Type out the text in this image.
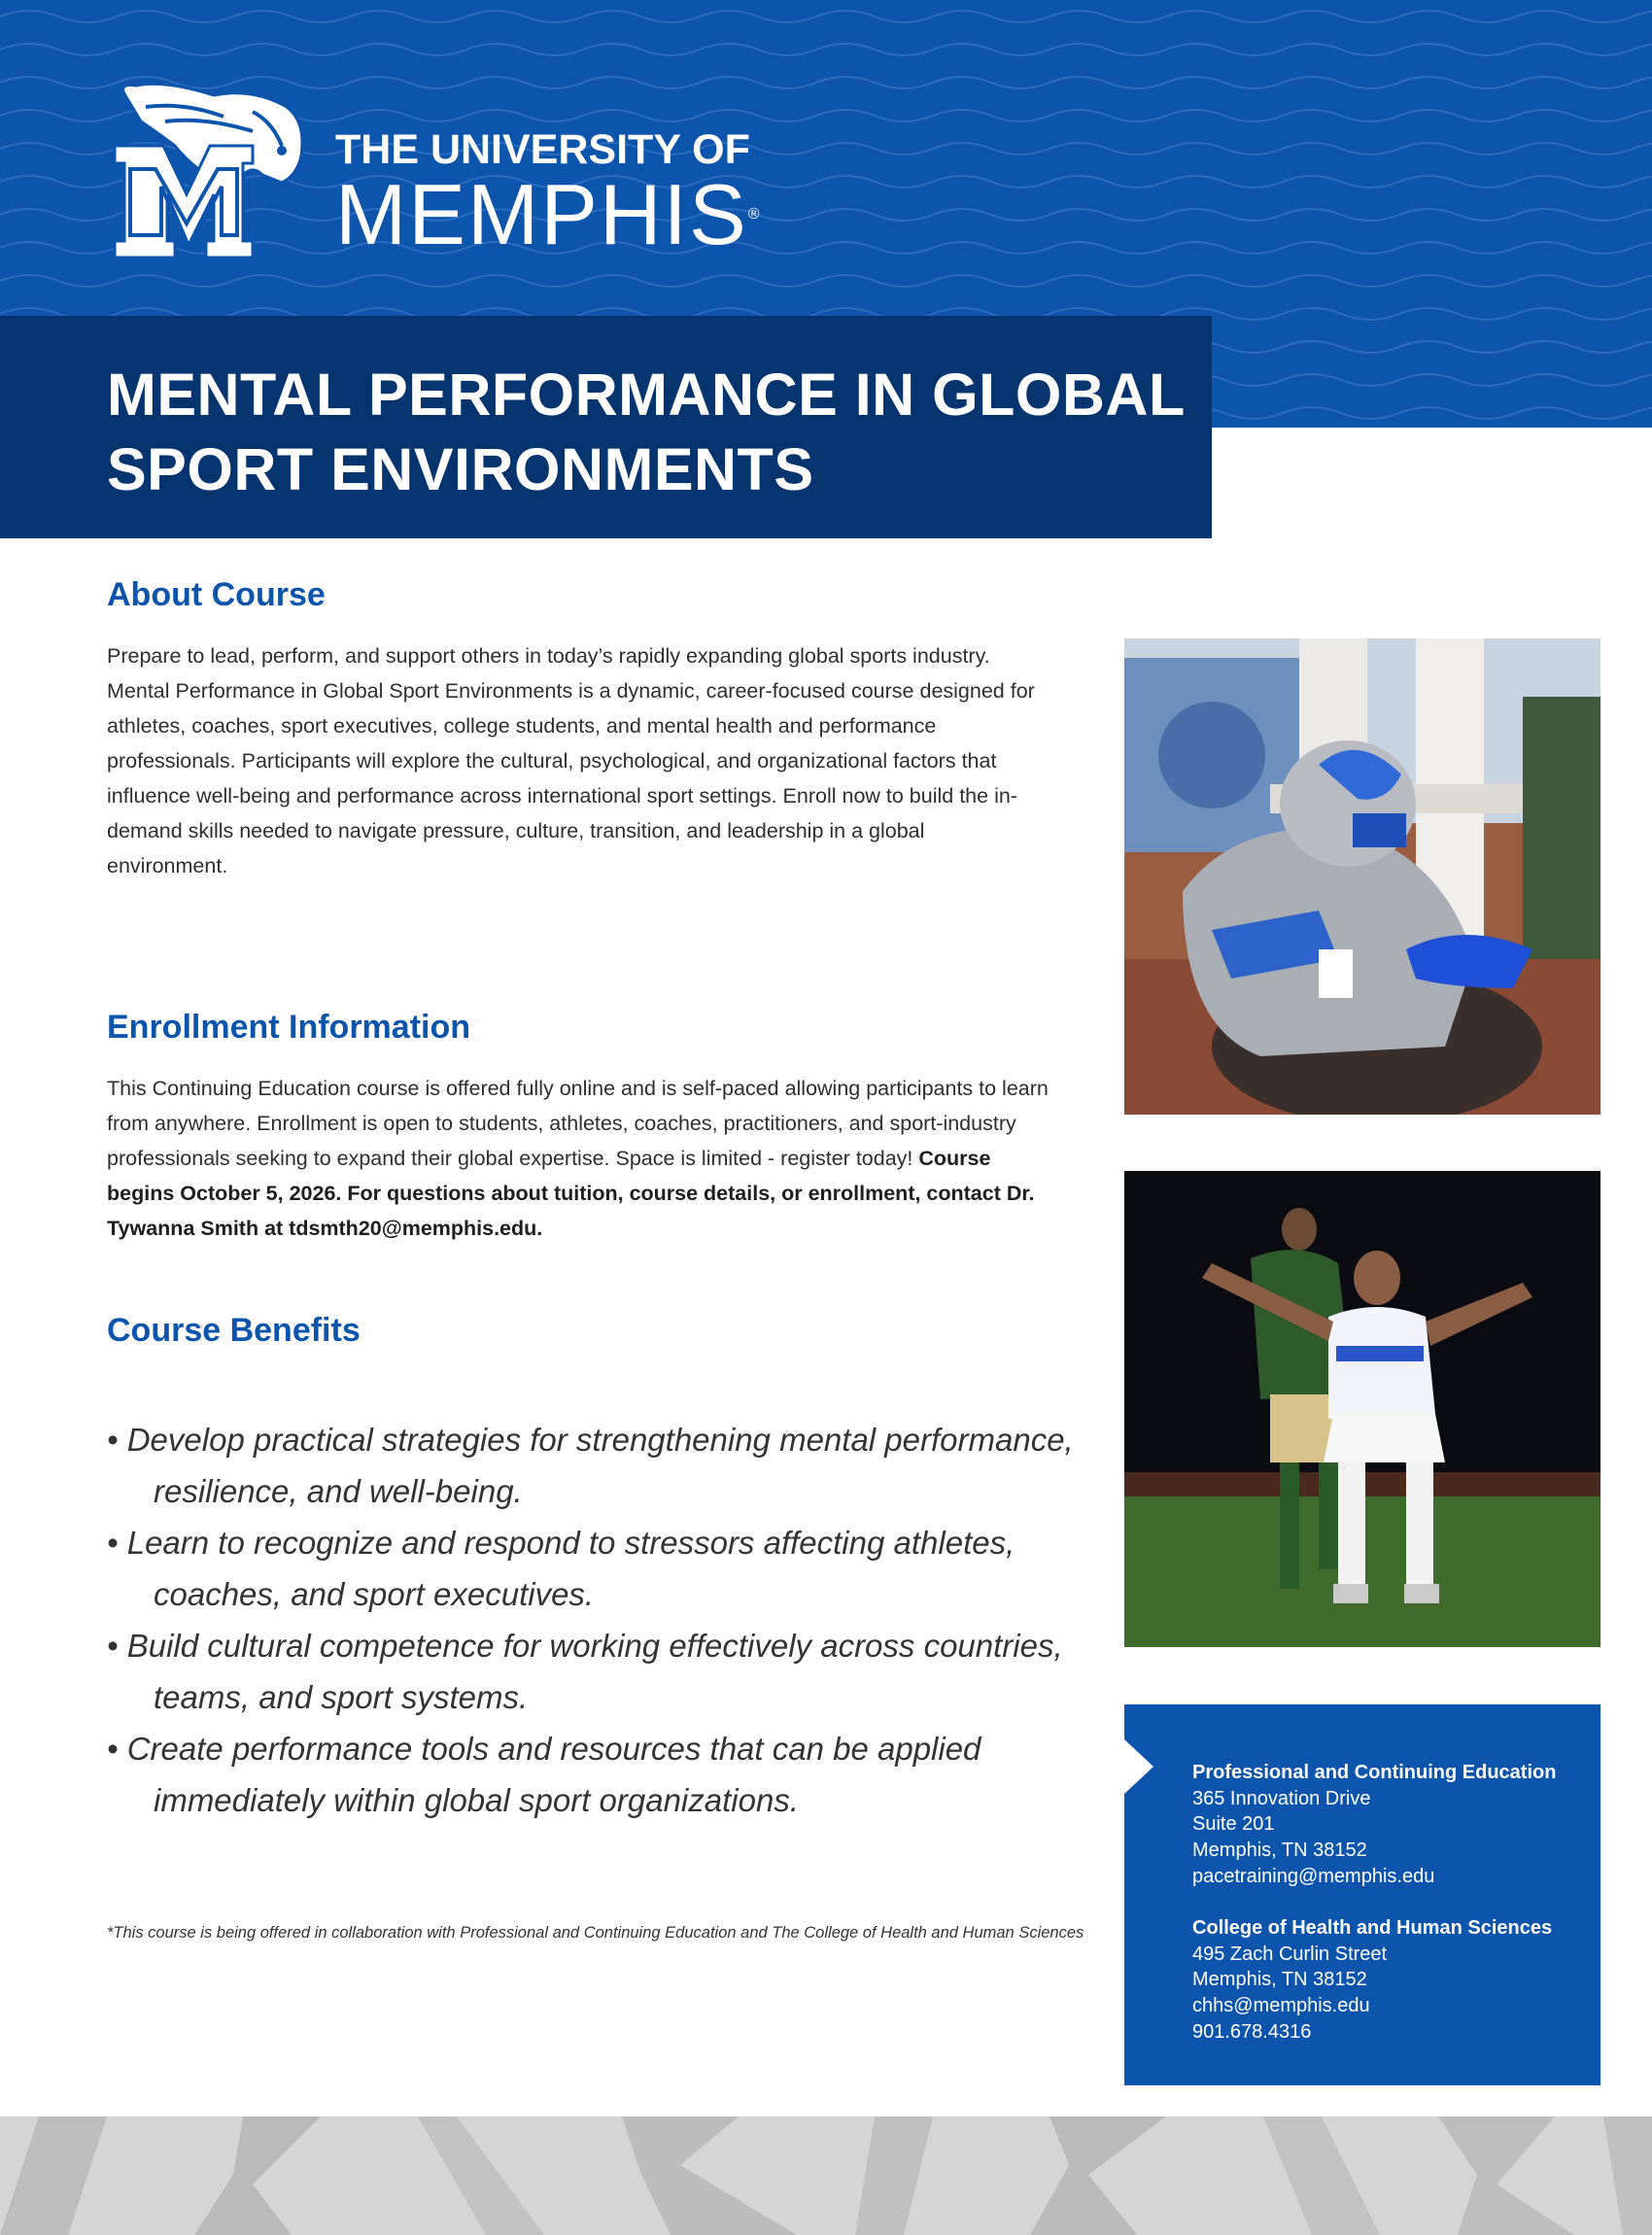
THE UNIVERSITY OF
MEMPHIS®
MENTAL PERFORMANCE IN GLOBAL SPORT ENVIRONMENTS
About Course

Prepare to lead, perform, and support others in today’s rapidly expanding global sports industry. Mental Performance in Global Sport Environments is a dynamic, career-focused course designed for athletes, coaches, sport executives, college students, and mental health and performance professionals. Participants will explore the cultural, psychological, and organizational factors that influence well-being and performance across international sport settings. Enroll now to build the in-demand skills needed to navigate pressure, culture, transition, and leadership in a global environment.

Enrollment Information

This Continuing Education course is offered fully online and is self-paced allowing participants to learn from anywhere. Enrollment is open to students, athletes, coaches, practitioners, and sport-industry professionals seeking to expand their global expertise. Space is limited - register today! Course begins October 5, 2026. For questions about tuition, course details, or enrollment, contact Dr. Tywanna Smith at tdsmth20@memphis.edu.

Course Benefits
• Develop practical strategies for strengthening mental performance, resilience, and well-being.
• Learn to recognize and respond to stressors affecting athletes, coaches, and sport executives.
• Build cultural competence for working effectively across countries, teams, and sport systems.
• Create performance tools and resources that can be applied immediately within global sport organizations.
*This course is being offered in collaboration with Professional and Continuing Education and The College of Health and Human Sciences
Professional and Continuing Education
365 Innovation Drive
Suite 201
Memphis, TN 38152
pacetraining@memphis.edu
College of Health and Human Sciences
495 Zach Curlin Street
Memphis, TN 38152
chhs@memphis.edu
901.678.4316
